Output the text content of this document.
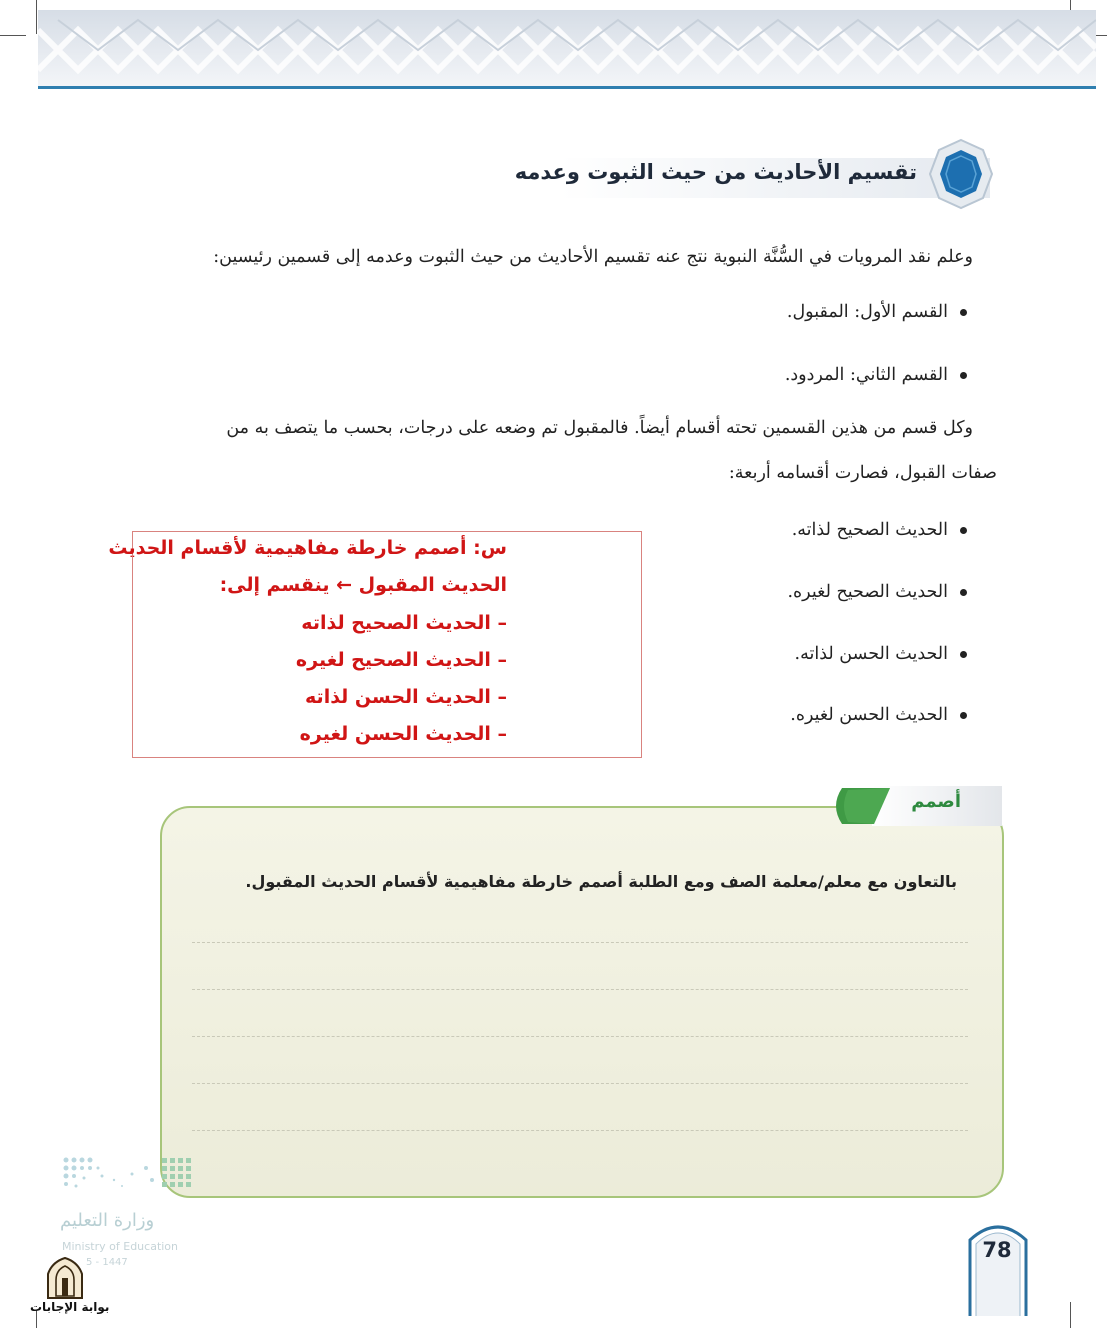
تقسيم الأحاديث من حيث الثبوت وعدمه
وعلم نقد المرويات في السُّنَّة النبوية نتج عنه تقسيم الأحاديث من حيث الثبوت وعدمه إلى قسمين رئيسين:
القسم الأول: المقبول.
القسم الثاني: المردود.
وكل قسم من هذين القسمين تحته أقسام أيضاً. فالمقبول تم وضعه على درجات، بحسب ما يتصف به من
صفات القبول، فصارت أقسامه أربعة:
الحديث الصحيح لذاته.
الحديث الصحيح لغيره.
الحديث الحسن لذاته.
الحديث الحسن لغيره.
س: أصمم خارطة مفاهيمية لأقسام الحديث
الحديث المقبول ← ينقسم إلى:
– الحديث الصحيح لذاته
– الحديث الصحيح لغيره
– الحديث الحسن لذاته
– الحديث الحسن لغيره
أصمم
بالتعاون مع معلم/معلمة الصف ومع الطلبة أصمم خارطة مفاهيمية لأقسام الحديث المقبول.
وزارة التعليم
Ministry of Education
5 - 1447
بوابة الإجابات
78
